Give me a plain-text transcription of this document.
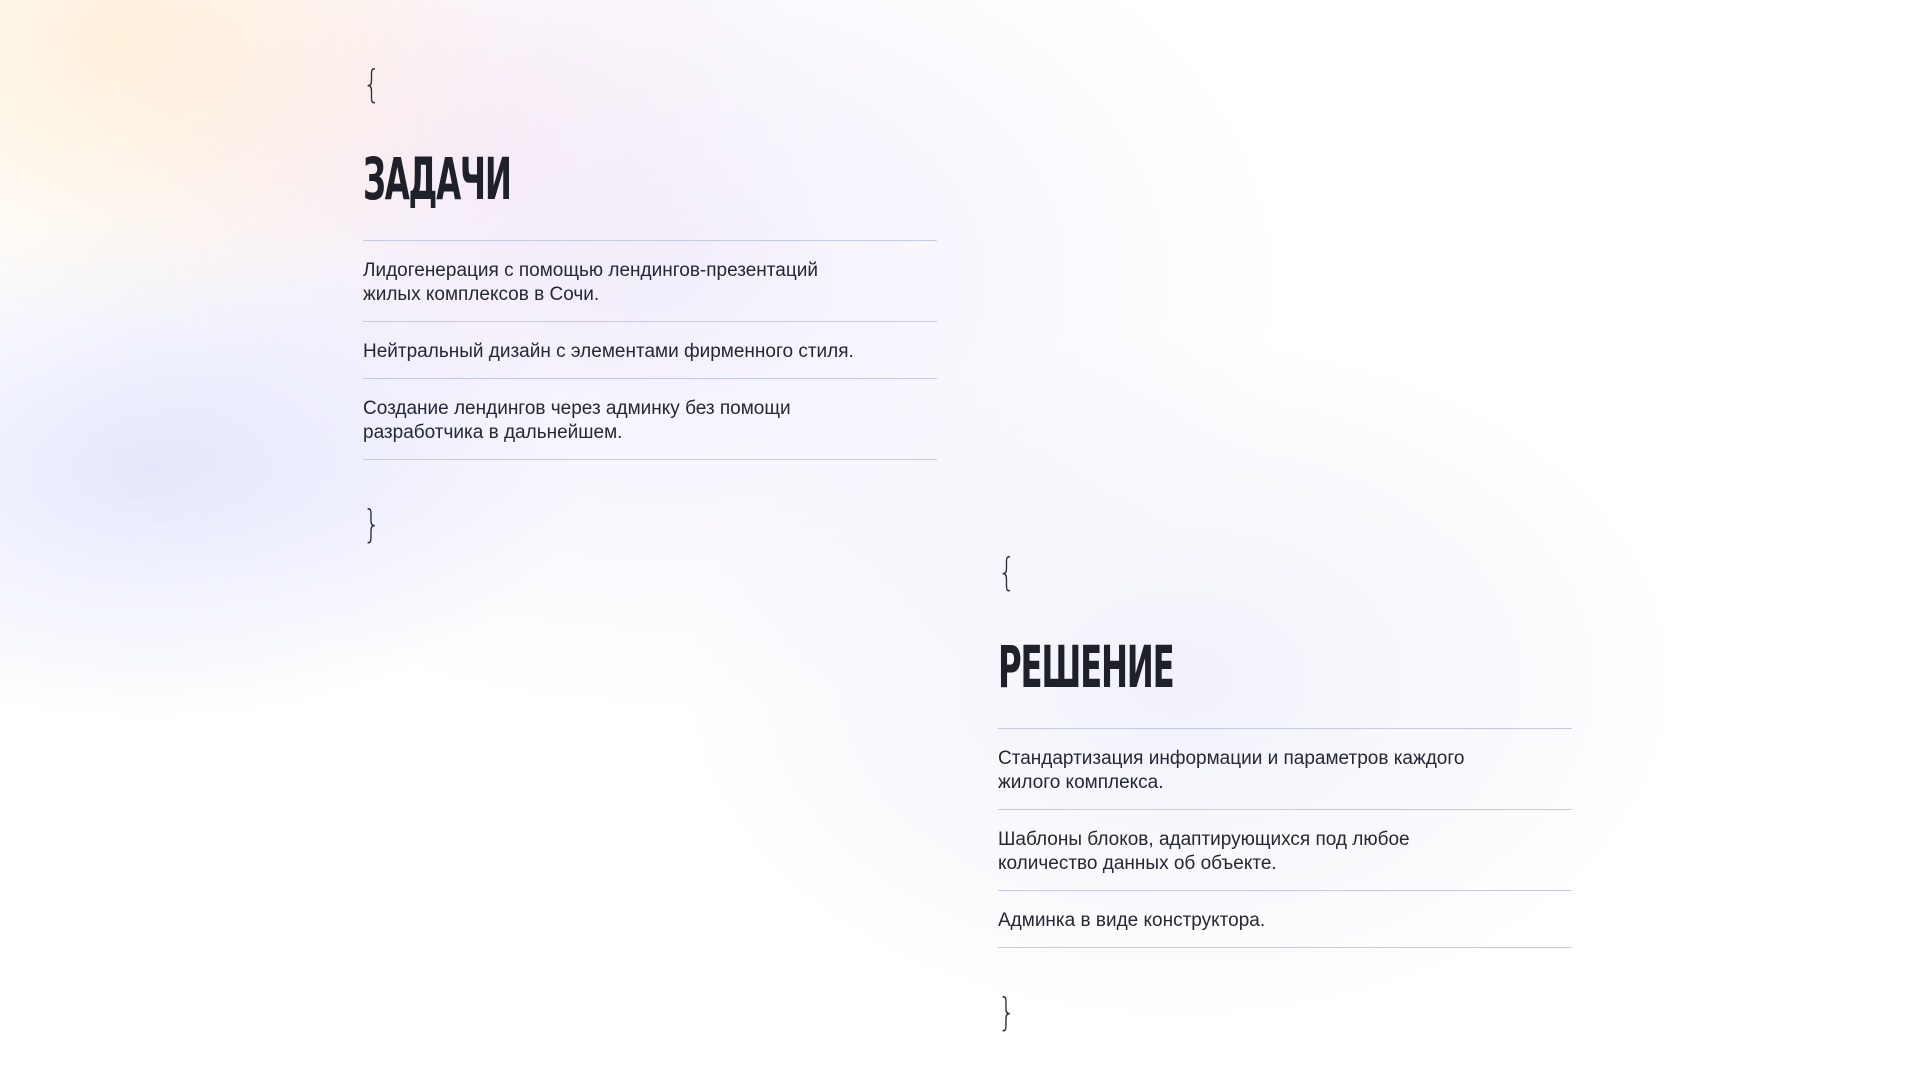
{
ЗАДАЧИ
Лидогенерация с помощью лендингов-презентаций жилых комплексов в Сочи.
Нейтральный дизайн с элементами фирменного стиля.
Создание лендингов через админку без помощи разработчика в дальнейшем.
}
{
РЕШЕНИЕ
Стандартизация информации и параметров каждого жилого комплекса.
Шаблоны блоков, адаптирующихся под любое количество данных об объекте.
Админка в виде конструктора.
}
